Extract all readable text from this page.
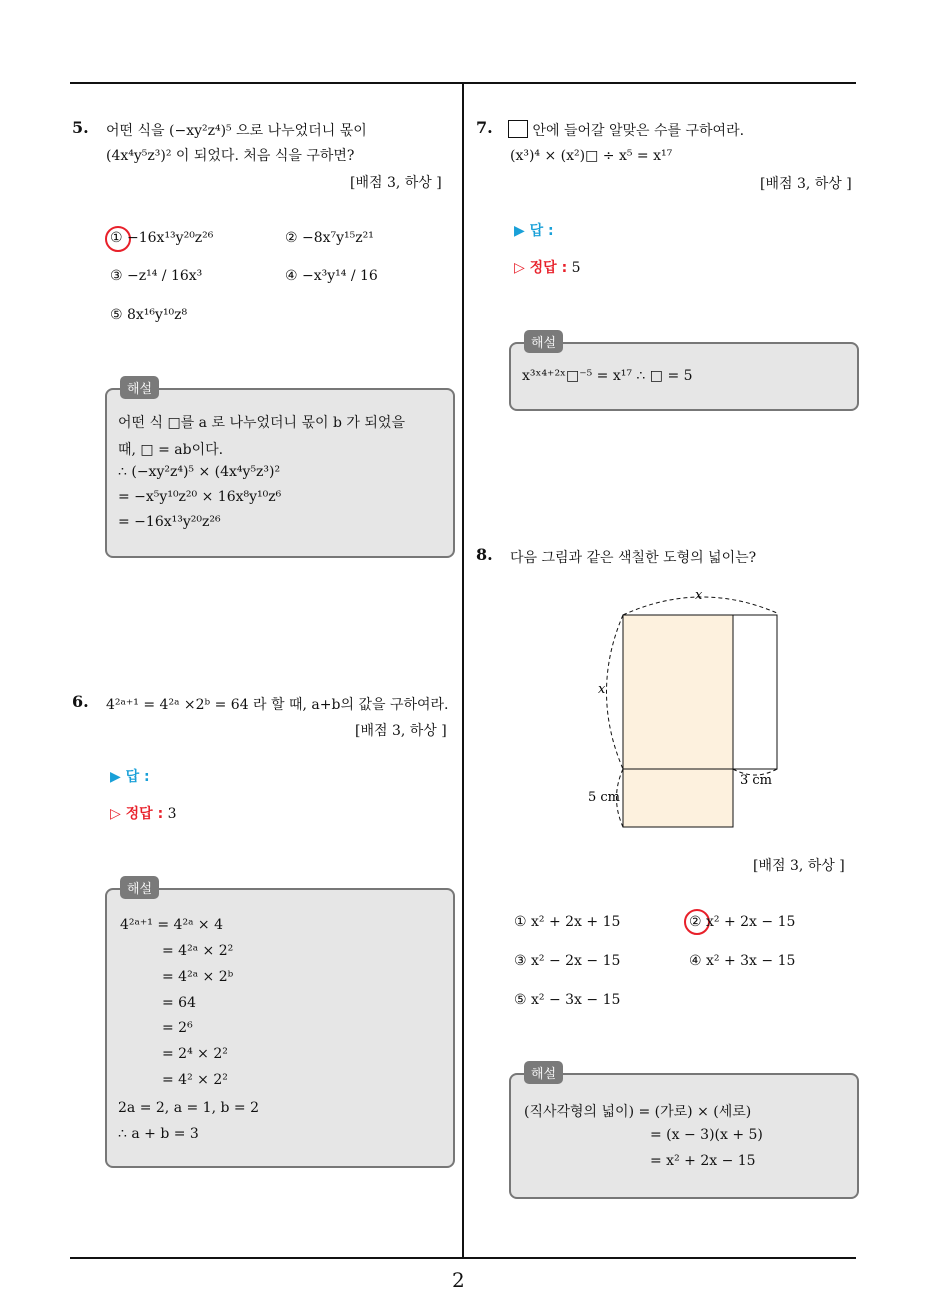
5. 어떤 식을 (−xy²z⁴)⁵ 으로 나누었더니 몫이
(4x⁴y⁵z³)² 이 되었다. 처음 식을 구하면?
[배점 3, 하상 ]
① −16x¹³y²⁰z²⁶	② −8x⁷y¹⁵z²¹
③ −z¹⁴ / 16x³	④ −x³y¹⁴ / 16
⑤ 8x¹⁶y¹⁰z⁸
해설
어떤 식 □를 a 로 나누었더니 몫이 b 가 되었을
때, □ = ab이다.
∴ (−xy²z⁴)⁵ × (4x⁴y⁵z³)²
= −x⁵y¹⁰z²⁰ × 16x⁸y¹⁰z⁶
= −16x¹³y²⁰z²⁶
6. 4²ᵃ⁺¹ = 4²ᵃ ×2ᵇ = 64 라 할 때, a+b의 값을 구하여라.
[배점 3, 하상 ]
▶ 답 :
▷ 정답 : 3
해설
4²ᵃ⁺¹ = 4²ᵃ × 4
= 4²ᵃ × 2²
= 4²ᵃ × 2ᵇ
= 64
= 2⁶
= 2⁴ × 2²
= 4² × 2²
2a = 2, a = 1, b = 2
∴ a + b = 3
7.	안에 들어갈 알맞은 수를 구하여라.
(x³)⁴ × (x²)□ ÷ x⁵ = x¹⁷
[배점 3, 하상 ]
▶ 답 :
▷ 정답 : 5
해설
x³ˣ⁴⁺²ˣ□⁻⁵ = x¹⁷ ∴ □ = 5
8. 다음 그림과 같은 색칠한 도형의 넓이는?
x
x
3 cm
5 cm
[배점 3, 하상 ]
① x² + 2x + 15	② x² + 2x − 15
③ x² − 2x − 15	④ x² + 3x − 15
⑤ x² − 3x − 15
해설
(직사각형의 넓이) = (가로) × (세로)
= (x − 3)(x + 5)
= x² + 2x − 15
2
